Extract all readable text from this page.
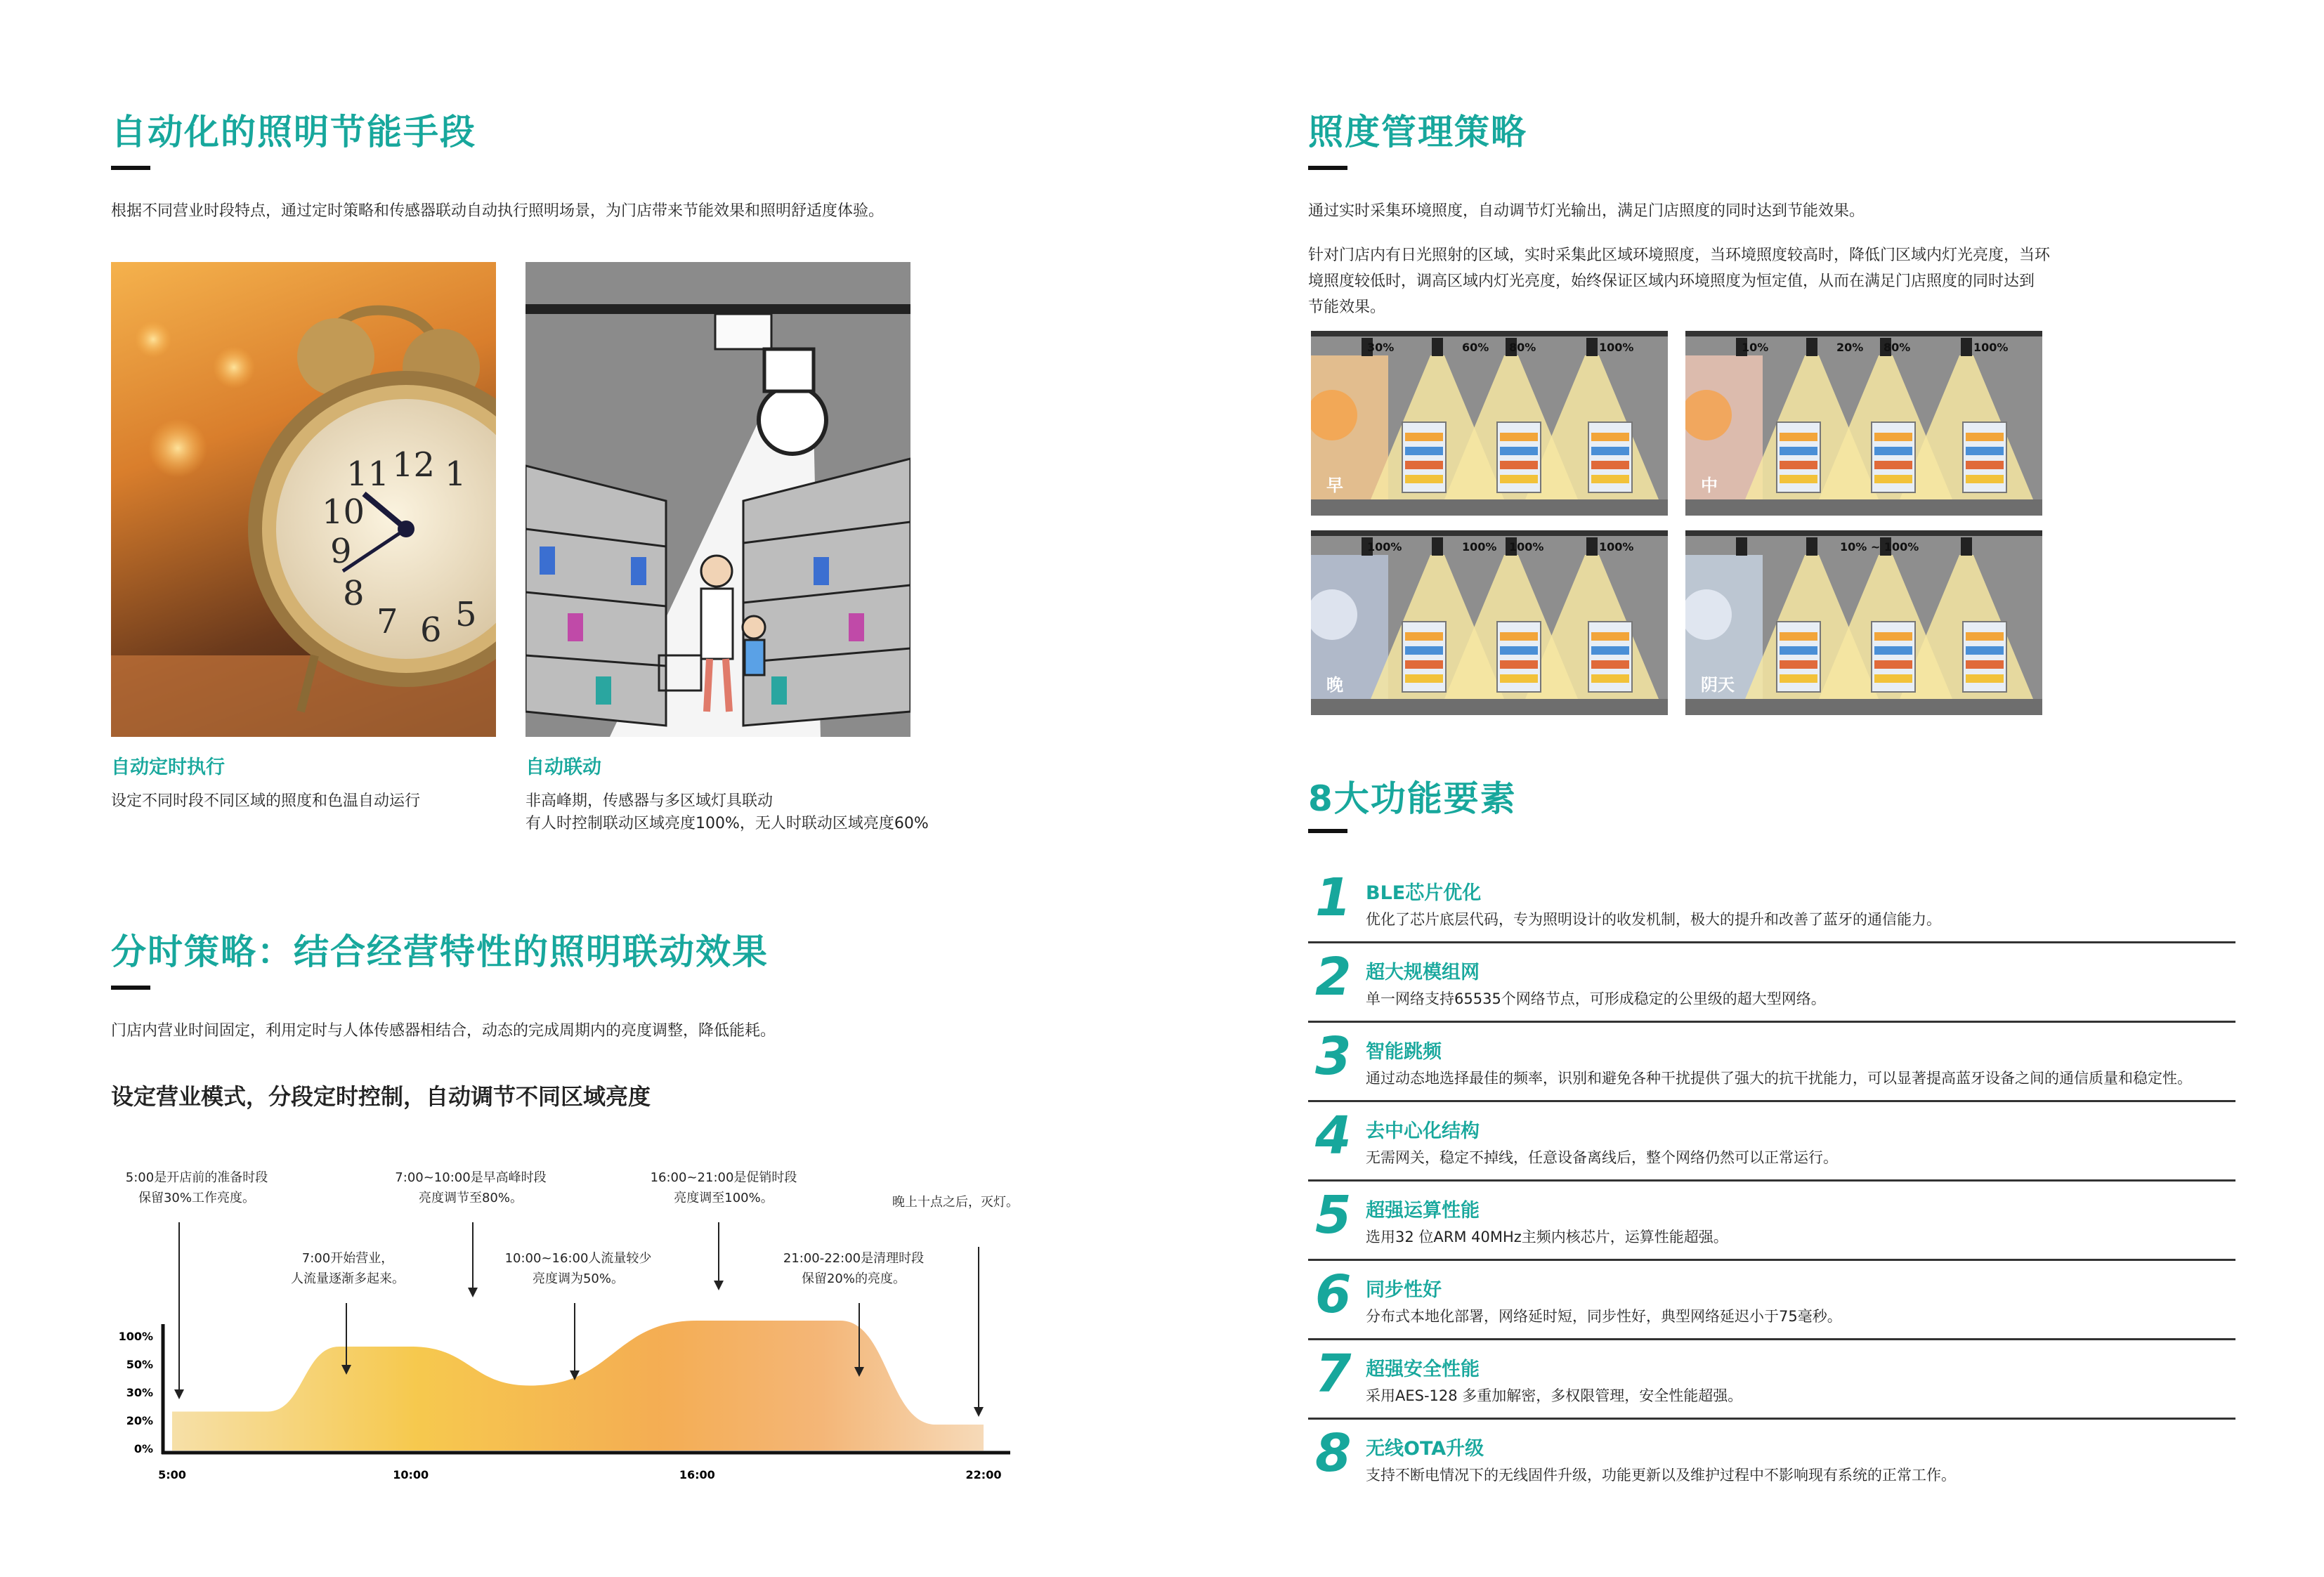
自动化的照明节能手段
根据不同营业时段特点，通过定时策略和传感器联动自动执行照明场景，为门店带来节能效果和照明舒适度体验。
12
11
10
9
8
7 6 5
1
自动定时执行
设定不同时段不同区域的照度和色温自动运行
自动联动
非高峰期，传感器与多区域灯具联动
有人时控制联动区域亮度100%，无人时联动区域亮度60%
分时策略：结合经营特性的照明联动效果
门店内营业时间固定，利用定时与人体传感器相结合，动态的完成周期内的亮度调整，降低能耗。
设定营业模式，分段定时控制，自动调节不同区域亮度
5:00是开店前的准备时段
保留30%工作亮度。
7:00开始营业，
人流量逐渐多起来。
7:00~10:00是早高峰时段
亮度调节至80%。
10:00~16:00人流量较少
亮度调为50%。
16:00~21:00是促销时段
亮度调至100%。
21:00-22:00是清理时段
保留20%的亮度。
晚上十点之后，灭灯。
100%
50%
30%
20%
0%
5:00	10:00	16:00	22:00
照度管理策略
通过实时采集环境照度，自动调节灯光输出，满足门店照度的同时达到节能效果。
针对门店内有日光照射的区域，实时采集此区域环境照度，当环境照度较高时，降低门区域内灯光亮度，当环
境照度较低时，调高区域内灯光亮度，始终保证区域内环境照度为恒定值，从而在满足门店照度的同时达到
节能效果。
早
30%	60% 80%	100%
中
10%	20% 80%	100%
晚
100%	100% 100%	100%
阴天
10% ~ 100%
8大功能要素
1 BLE芯片优化
优化了芯片底层代码，专为照明设计的收发机制，极大的提升和改善了蓝牙的通信能力。
2 超大规模组网
单一网络支持65535个网络节点，可形成稳定的公里级的超大型网络。
3 智能跳频
通过动态地选择最佳的频率，识别和避免各种干扰提供了强大的抗干扰能力，可以显著提高蓝牙设备之间的通信质量和稳定性。
4 去中心化结构
无需网关，稳定不掉线，任意设备离线后，整个网络仍然可以正常运行。
5 超强运算性能
选用32 位ARM 40MHz主频内核芯片，运算性能超强。
6 同步性好
分布式本地化部署，网络延时短，同步性好，典型网络延迟小于75毫秒。
7 超强安全性能
采用AES-128 多重加解密，多权限管理，安全性能超强。
8 无线OTA升级
支持不断电情况下的无线固件升级，功能更新以及维护过程中不影响现有系统的正常工作。
